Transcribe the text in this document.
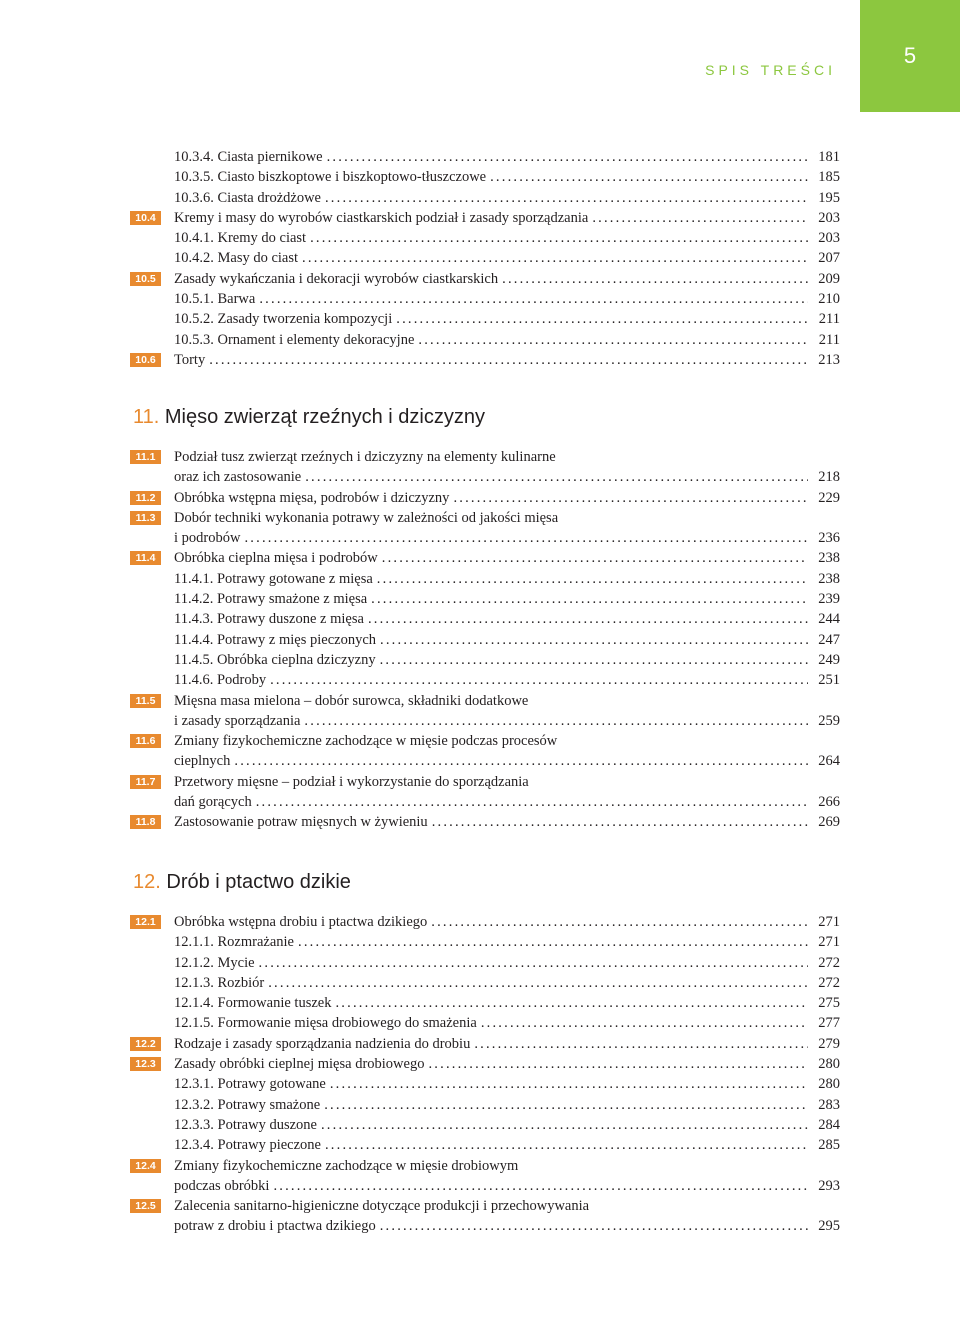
SPIS TREŚCI
5
10.3.4. Ciasta piernikowe .....	181
10.3.5. Ciasto biszkoptowe i biszkoptowo-tłuszczowe .....	185
10.3.6. Ciasta drożdżowe .....	195
10.4	Kremy i masy do wyrobów ciastkarskich podział i zasady sporządzania .....	203
10.4.1. Kremy do ciast .....	203
10.4.2. Masy do ciast .....	207
10.5	Zasady wykańczania i dekoracji wyrobów ciastkarskich .....	209
10.5.1. Barwa .....	210
10.5.2. Zasady tworzenia kompozycji .....	211
10.5.3. Ornament i elementy dekoracyjne .....	211
10.6	Torty .....	213
11. Mięso zwierząt rzeźnych i dziczyzny
11.1	Podział tusz zwierząt rzeźnych i dziczyzny na elementy kulinarne
oraz ich zastosowanie .....	218
11.2	Obróbka wstępna mięsa, podrobów i dziczyzny .....	229
11.3	Dobór techniki wykonania potrawy w zależności od jakości mięsa
i podrobów .....	236
11.4	Obróbka cieplna mięsa i podrobów .....	238
11.4.1. Potrawy gotowane z mięsa .....	238
11.4.2. Potrawy smażone z mięsa .....	239
11.4.3. Potrawy duszone z mięsa .....	244
11.4.4. Potrawy z mięs pieczonych .....	247
11.4.5. Obróbka cieplna dziczyzny .....	249
11.4.6. Podroby .....	251
11.5	Mięsna masa mielona – dobór surowca, składniki dodatkowe
i zasady sporządzania .....	259
11.6	Zmiany fizykochemiczne zachodzące w mięsie podczas procesów
cieplnych .....	264
11.7	Przetwory mięsne – podział i wykorzystanie do sporządzania
dań gorących .....	266
11.8	Zastosowanie potraw mięsnych w żywieniu .....	269
12. Drób i ptactwo dzikie
12.1	Obróbka wstępna drobiu i ptactwa dzikiego .....	271
12.1.1. Rozmrażanie .....	271
12.1.2. Mycie .....	272
12.1.3. Rozbiór .....	272
12.1.4. Formowanie tuszek .....	275
12.1.5. Formowanie mięsa drobiowego do smażenia .....	277
12.2	Rodzaje i zasady sporządzania nadzienia do drobiu .....	279
12.3	Zasady obróbki cieplnej mięsa drobiowego .....	280
12.3.1. Potrawy gotowane .....	280
12.3.2. Potrawy smażone .....	283
12.3.3. Potrawy duszone .....	284
12.3.4. Potrawy pieczone .....	285
12.4	Zmiany fizykochemiczne zachodzące w mięsie drobiowym
podczas obróbki .....	293
12.5	Zalecenia sanitarno-higieniczne dotyczące produkcji i przechowywania
potraw z drobiu i ptactwa dzikiego .....	295
